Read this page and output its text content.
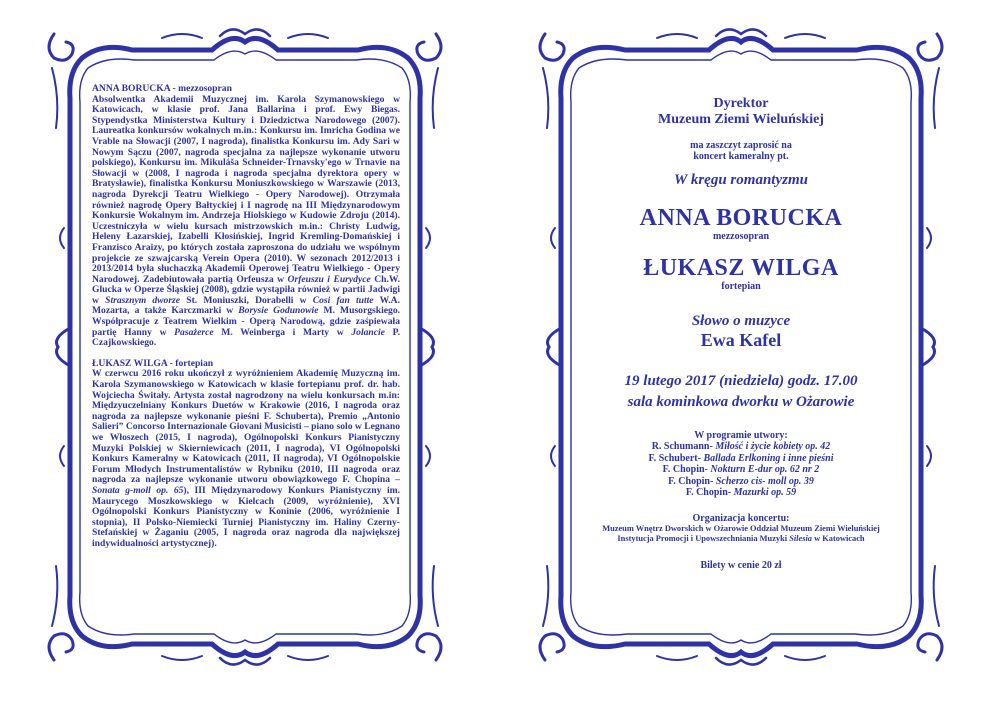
ANNA BORUCKA - mezzosopran

Absolwentka Akademii Muzycznej im. Karola Szymanowskiego w Katowicach, w klasie prof. Jana Ballarina i prof. Ewy Biegas. Stypendystka Ministerstwa Kultury i Dziedzictwa Narodowego (2007). Laureatka konkursów wokalnych m.in.: Konkursu im. Imricha Godina we Vrable na Słowacji (2007, I nagroda), finalistka Konkursu im. Ady Sari w Nowym Sączu (2007, nagroda specjalna za najlepsze wykonanie utworu polskiego), Konkursu im. Mikuláša Schneider-Trnavsky'ego w Trnavie na Słowacji w (2008, I nagroda i nagroda specjalna dyrektora opery w Bratysławie), finalistka Konkursu Moniuszkowskiego w Warszawie (2013, nagroda Dyrekcji Teatru Wielkiego - Opery Narodowej). Otrzymała również nagrodę Opery Bałtyckiej i I nagrodę na III Międzynarodowym Konkursie Wokalnym im. Andrzeja Hiolskiego w Kudowie Zdroju (2014). Uczestniczyła w wielu kursach mistrzowskich m.in.: Christy Ludwig, Heleny Łazarskiej, Izabelli Kłosińskiej, Ingrid Kremling-Domańskiej i Franzisco Araizy, po których została zaproszona do udziału we wspólnym projekcie ze szwajcarską Verein Opera (2010). W sezonach 2012/2013 i 2013/2014 była słuchaczką Akademii Operowej Teatru Wielkiego - Opery Narodowej. Zadebiutowała partią Orfeusza w Orfeuszu i Eurydyce Ch.W. Glucka w Operze Śląskiej (2008), gdzie wystąpiła również w partii Jadwigi w Strasznym dworze St. Moniuszki, Dorabelli w Cosi fan tutte W.A. Mozarta, a także Karczmarki w Borysie Godunowie M. Musorgskiego. Współpracuje z Teatrem Wielkim - Operą Narodową, gdzie zaśpiewała partię Hanny w Pasażerce M. Weinberga i Marty w Jolancie P. Czajkowskiego.

ŁUKASZ WILGA - fortepian

W czerwcu 2016 roku ukończył z wyróżnieniem Akademię Muzyczną im. Karola Szymanowskiego w Katowicach w klasie fortepianu prof. dr. hab. Wojciecha Świtały. Artysta został nagrodzony na wielu konkursach m.in: Międzyuczelniany Konkurs Duetów w Krakowie (2016, I nagroda oraz nagroda za najlepsze wykonanie pieśni F. Schuberta), Premio „Antonio Salieri” Concorso Internazionale Giovani Musicisti – piano solo w Legnano we Włoszech (2015, I nagroda), Ogólnopolski Konkurs Pianistyczny Muzyki Polskiej w Skierniewicach (2011, I nagroda), VI Ogólnopolski Konkurs Kameralny w Katowicach (2011, II nagroda), VI Ogólnopolskie Forum Młodych Instrumentalistów w Rybniku (2010, III nagroda oraz nagroda za najlepsze wykonanie utworu obowiązkowego F. Chopina – Sonata g-moll op. 65), III Międzynarodowy Konkurs Pianistyczny im. Maurycego Moszkowskiego w Kielcach (2009, wyróżnienie), XVI Ogólnopolski Konkurs Pianistyczny w Koninie (2006, wyróżnienie I stopnia), II Polsko-Niemiecki Turniej Pianistyczny im. Haliny Czerny-Stefańskiej w Żaganiu (2005, I nagroda oraz nagroda dla największej indywidualności artystycznej).

Dyrektor
Muzeum Ziemi Wieluńskiej
ma zaszczyt zaprosić na
koncert kameralny pt.
W kręgu romantyzmu
ANNA BORUCKA
mezzosopran
ŁUKASZ WILGA
fortepian
Słowo o muzyce
Ewa Kafel
19 lutego 2017 (niedziela) godz. 17.00
sala kominkowa dworku w Ożarowie
W programie utwory:
R. Schumann- Miłość i życie kobiety op. 42
F. Schubert- Ballada Erlkoning i inne pieśni
F. Chopin- Nokturn E-dur op. 62 nr 2
F. Chopin- Scherzo cis- moll op. 39
F. Chopin- Mazurki op. 59
Organizacja koncertu:
Muzeum Wnętrz Dworskich w Ożarowie Oddział Muzeum Ziemi Wieluńskiej
Instytucja Promocji i Upowszechniania Muzyki Silesia w Katowicach
Bilety w cenie 20 zł
